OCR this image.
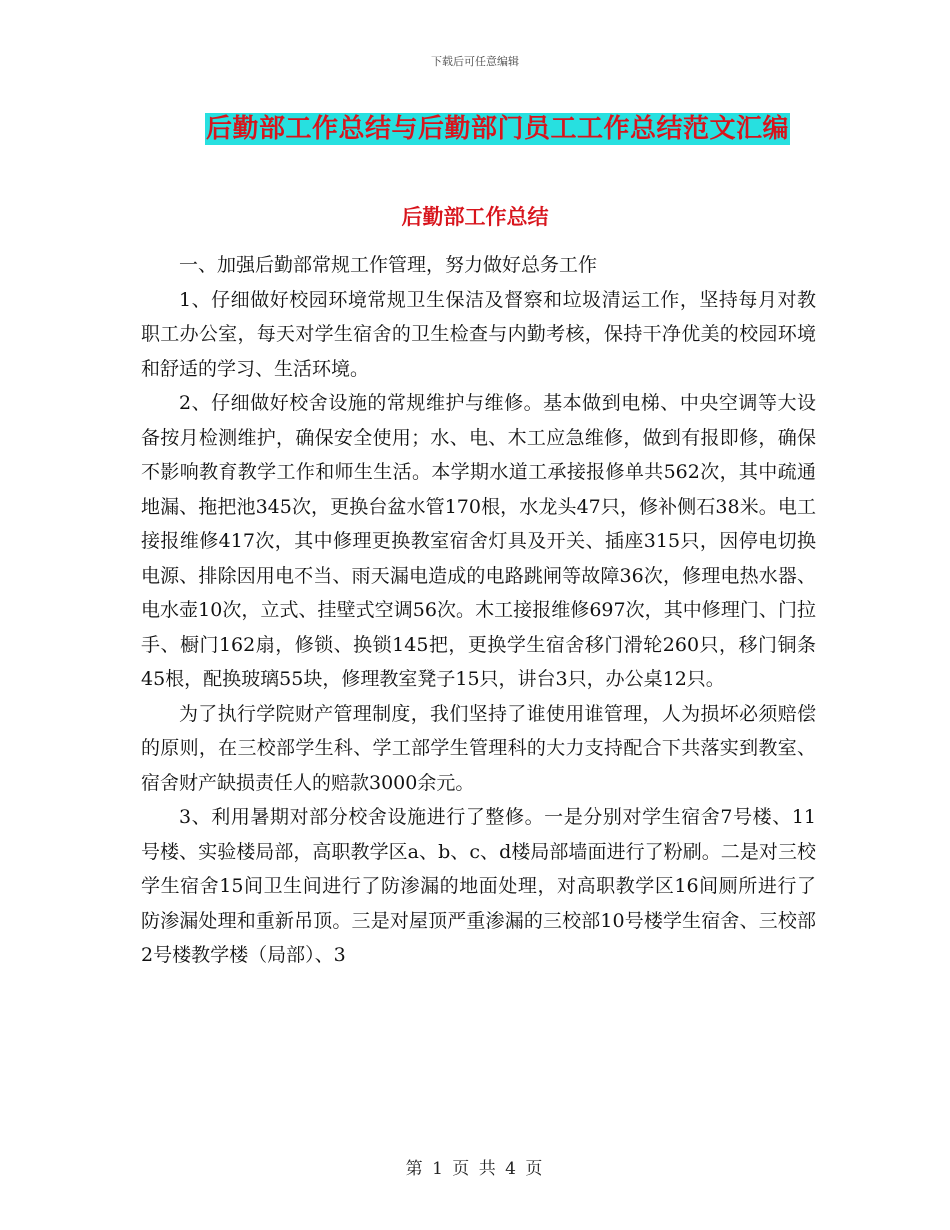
下载后可任意编辑
后勤部工作总结与后勤部门员工工作总结范文汇编
后勤部工作总结

一、加强后勤部常规工作管理，努力做好总务工作

1、仔细做好校园环境常规卫生保洁及督察和垃圾清运工作，坚持每月对教职工办公室，每天对学生宿舍的卫生检查与内勤考核，保持干净优美的校园环境和舒适的学习、生活环境。

2、仔细做好校舍设施的常规维护与维修。基本做到电梯、中央空调等大设备按月检测维护，确保安全使用；水、电、木工应急维修，做到有报即修，确保不影响教育教学工作和师生生活。本学期水道工承接报修单共562次，其中疏通地漏、拖把池345次，更换台盆水管170根，水龙头47只，修补侧石38米。电工接报维修417次，其中修理更换教室宿舍灯具及开关、插座315只，因停电切换电源、排除因用电不当、雨天漏电造成的电路跳闸等故障36次，修理电热水器、电水壶10次，立式、挂壁式空调56次。木工接报维修697次，其中修理门、门拉手、橱门162扇，修锁、换锁145把，更换学生宿舍移门滑轮260只，移门铜条45根，配换玻璃55块，修理教室凳子15只，讲台3只，办公桌12只。

为了执行学院财产管理制度，我们坚持了谁使用谁管理，人为损坏必须赔偿的原则，在三校部学生科、学工部学生管理科的大力支持配合下共落实到教室、宿舍财产缺损责任人的赔款3000余元。

3、利用暑期对部分校舍设施进行了整修。一是分别对学生宿舍7号楼、11号楼、实验楼局部，高职教学区a、b、c、d楼局部墙面进行了粉刷。二是对三校学生宿舍15间卫生间进行了防渗漏的地面处理，对高职教学区16间厕所进行了防渗漏处理和重新吊顶。三是对屋顶严重渗漏的三校部10号楼学生宿舍、三校部2号楼教学楼（局部）、3

第 1 页 共 4 页
